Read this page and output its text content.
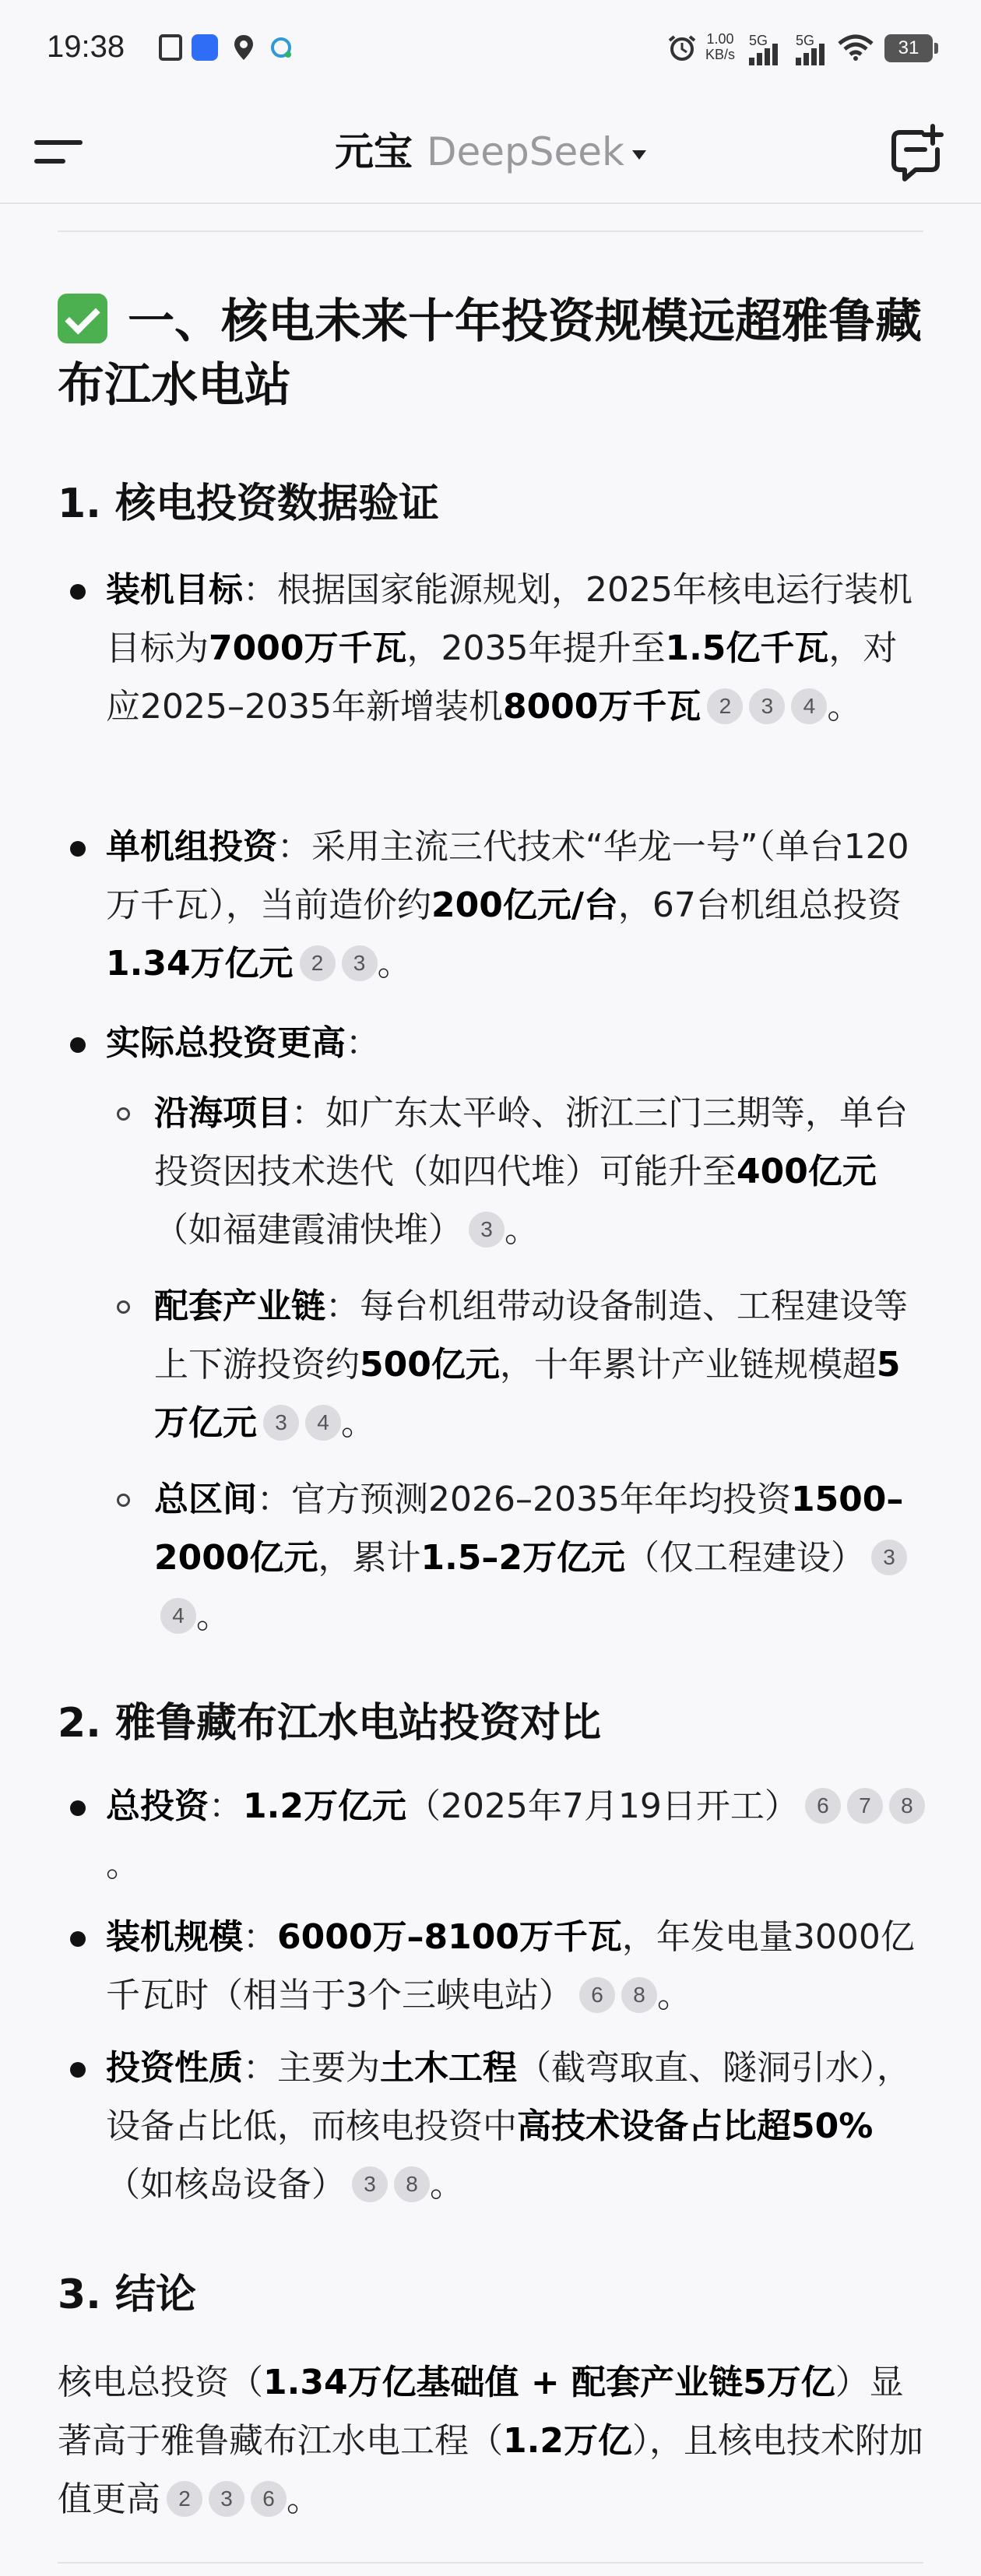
19:38	1.00
KB/s
5G 5G	31
元宝 DeepSeek
一、核电未来十年投资规模远超雅鲁藏布江水电站
1. 核电投资数据验证
装机目标：根据国家能源规划，2025年核电运行装机目标为7000万千瓦，2035年提升至1.5亿千瓦，对应2025–2035年新增装机8000万千瓦 2 3 4 。
单机组投资：采用主流三代技术“华龙一号”（单台120万千瓦），当前造价约200亿元/台，67台机组总投资1.34万亿元 2 3 。
实际总投资更高：
沿海项目：如广东太平岭、浙江三门三期等，单台投资因技术迭代（如四代堆）可能升至400亿元（如福建霞浦快堆） 3 。
配套产业链：每台机组带动设备制造、工程建设等上下游投资约500亿元，十年累计产业链规模超5万亿元 3 4 。
总区间：官方预测2026–2035年年均投资1500–2000亿元，累计1.5–2万亿元（仅工程建设） 34 。
2. 雅鲁藏布江水电站投资对比
总投资：1.2万亿元（2025年7月19日开工） 6 7 8。
装机规模：6000万–8100万千瓦，年发电量3000亿千瓦时（相当于3个三峡电站） 6 8 。
投资性质：主要为土木工程（截弯取直、隧洞引水），设备占比低，而核电投资中高技术设备占比超50%（如核岛设备） 3 8 。
3. 结论
核电总投资（1.34万亿基础值 + 配套产业链5万亿）显著高于雅鲁藏布江水电工程（1.2万亿），且核电技术附加值更高 2 3 6 。
